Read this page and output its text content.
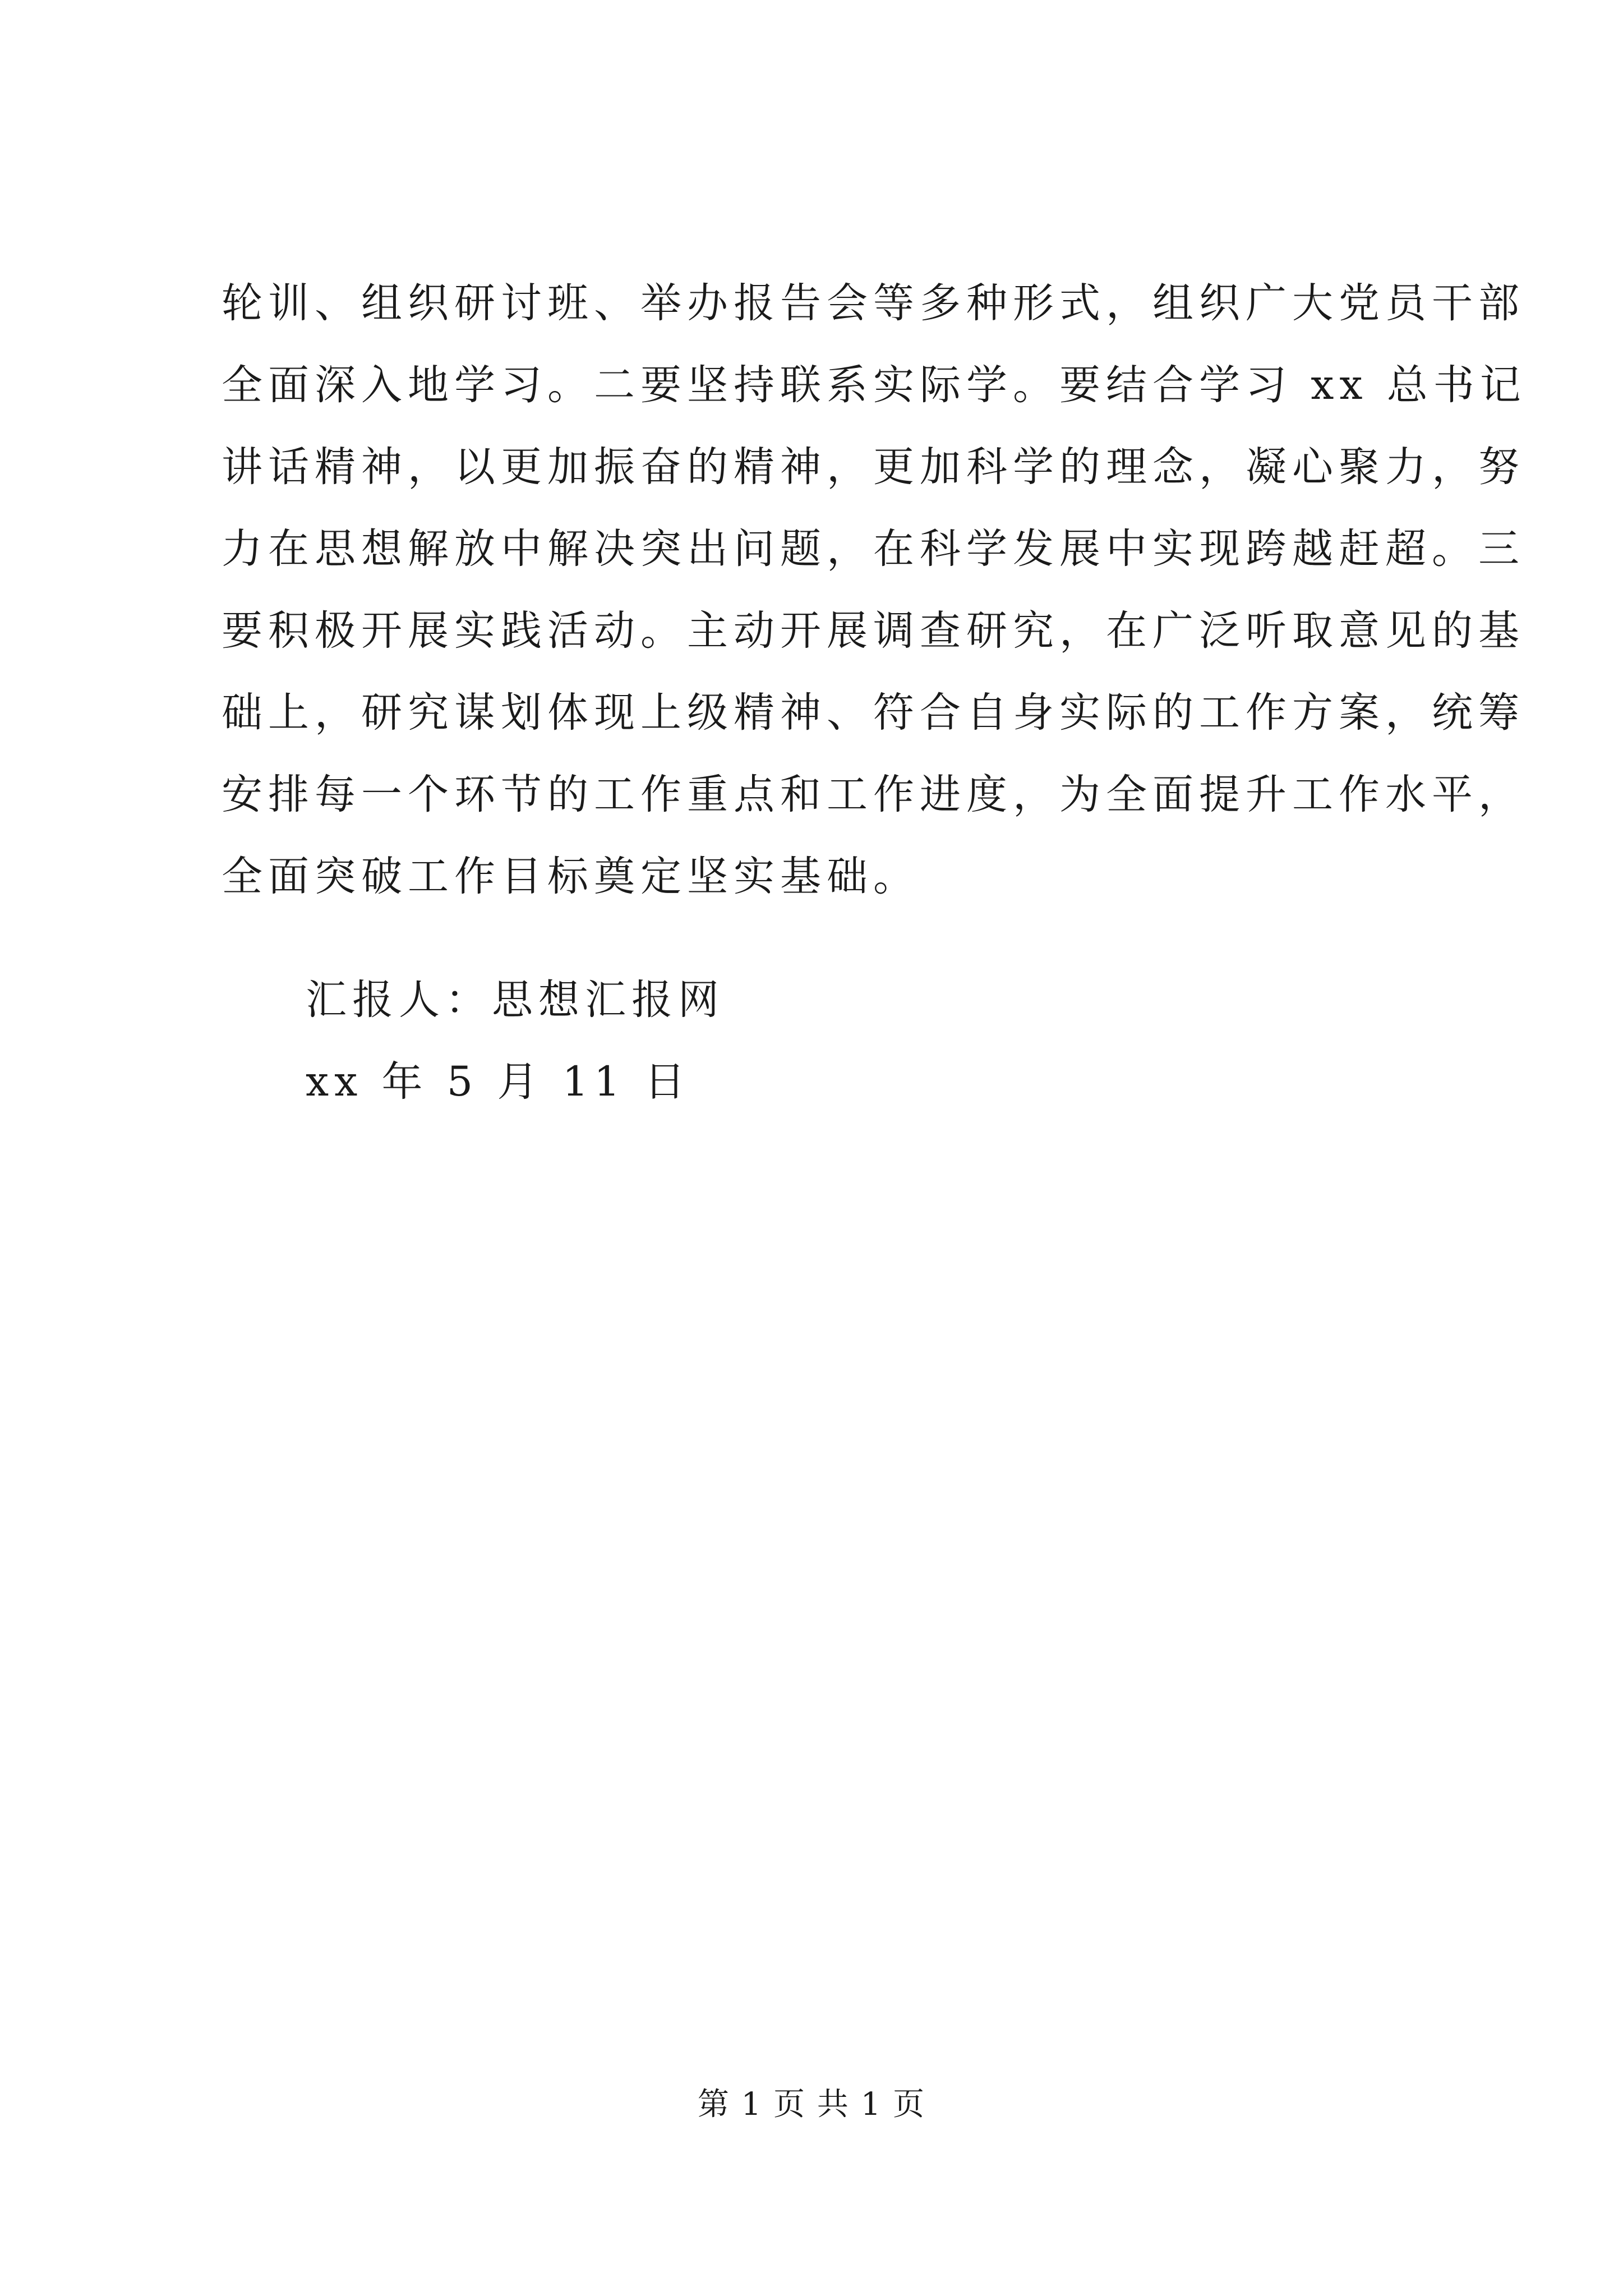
轮训、组织研讨班、举办报告会等多种形式，组织广大党员干部
全面深入地学习。二要坚持联系实际学。要结合学习 xx 总书记
讲话精神，以更加振奋的精神，更加科学的理念，凝心聚力，努
力在思想解放中解决突出问题，在科学发展中实现跨越赶超。三
要积极开展实践活动。主动开展调查研究，在广泛听取意见的基
础上，研究谋划体现上级精神、符合自身实际的工作方案，统筹
安排每一个环节的工作重点和工作进度，为全面提升工作水平，
全面突破工作目标奠定坚实基础。
汇报人：思想汇报网
xx 年 5 月 11 日
第 1 页 共 1 页
